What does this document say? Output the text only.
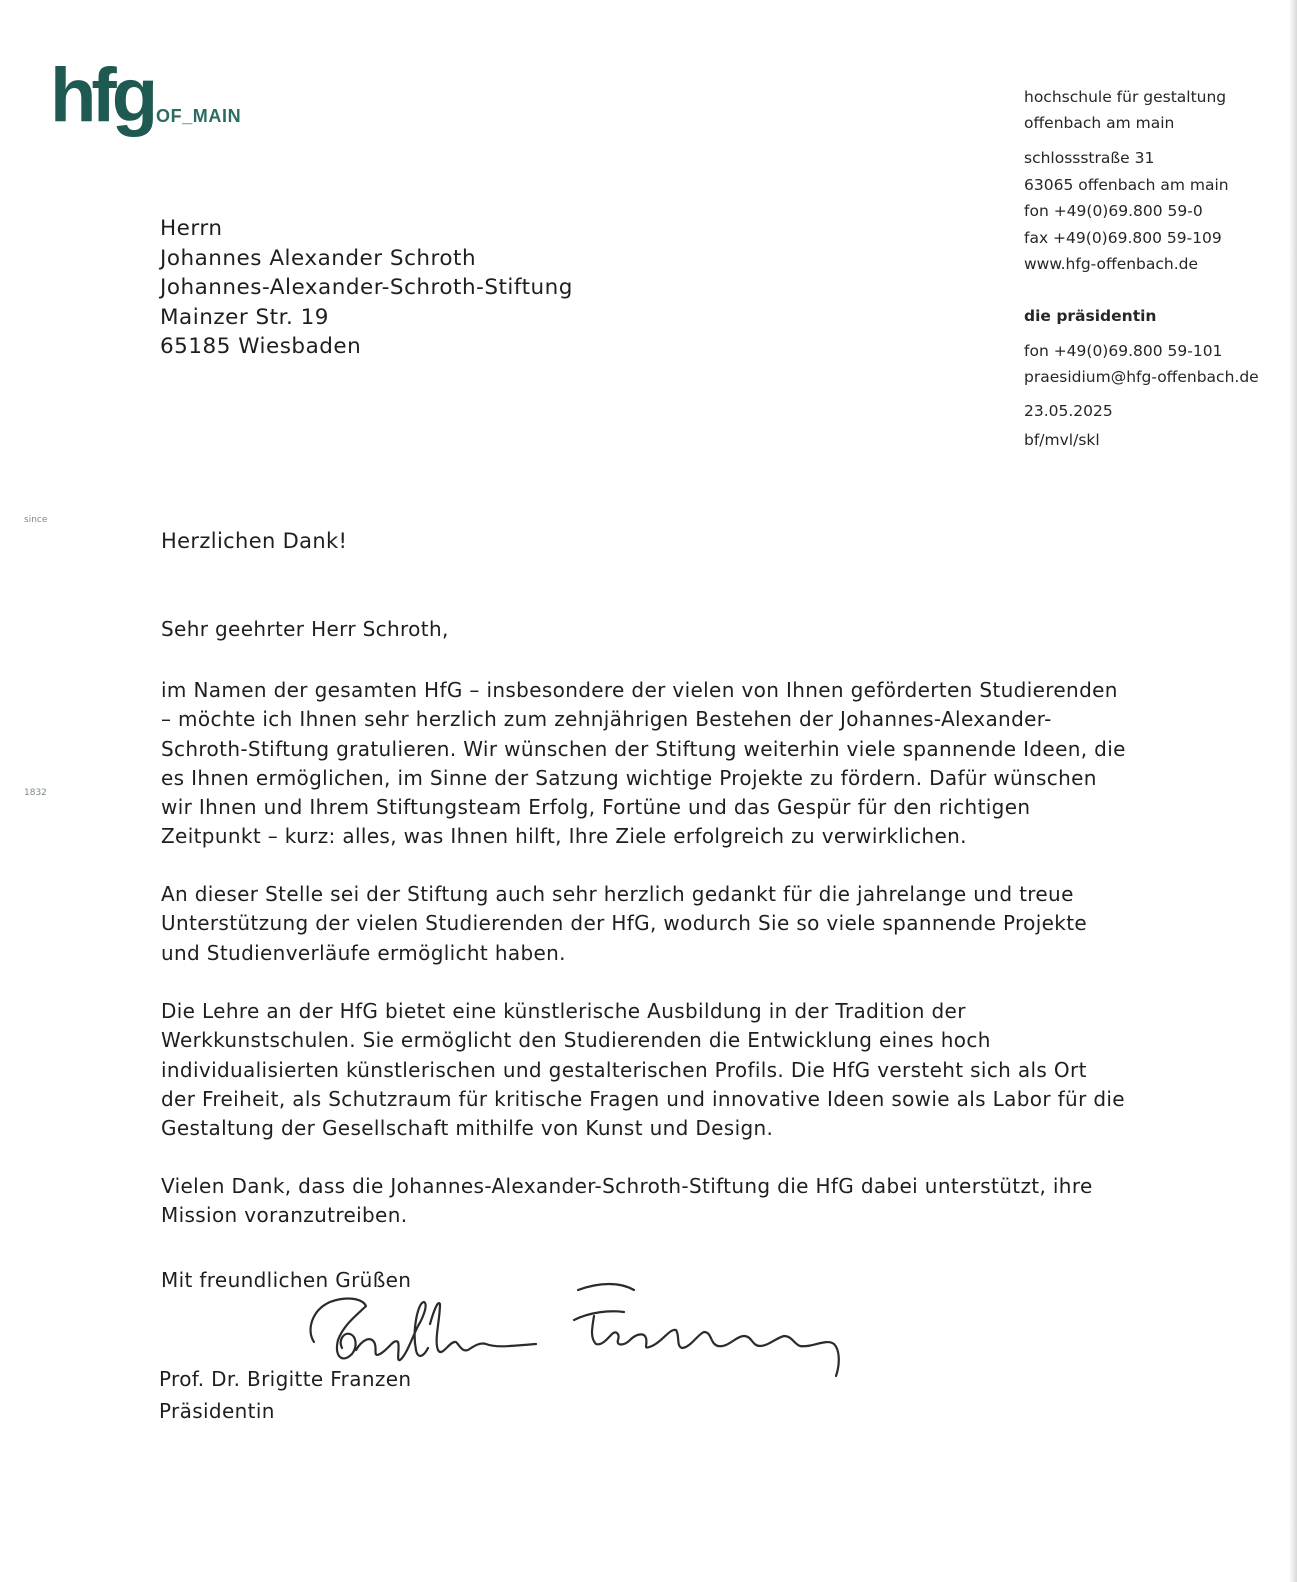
hfg OF_MAIN
hochschule für gestaltung
offenbach am main
schlossstraße 31
63065 offenbach am main
fon +49(0)69.800 59-0
fax +49(0)69.800 59-109
www.hfg-offenbach.de
die präsidentin
fon +49(0)69.800 59-101
praesidium@hfg-offenbach.de
23.05.2025
bf/mvl/skl
Herrn
Johannes Alexander Schroth
Johannes-Alexander-Schroth-Stiftung
Mainzer Str. 19
65185 Wiesbaden
since
1832
Herzlichen Dank!
Sehr geehrter Herr Schroth,
im Namen der gesamten HfG – insbesondere der vielen von Ihnen geförderten Studierenden
– möchte ich Ihnen sehr herzlich zum zehnjährigen Bestehen der Johannes-Alexander-
Schroth-Stiftung gratulieren. Wir wünschen der Stiftung weiterhin viele spannende Ideen, die
es Ihnen ermöglichen, im Sinne der Satzung wichtige Projekte zu fördern. Dafür wünschen
wir Ihnen und Ihrem Stiftungsteam Erfolg, Fortüne und das Gespür für den richtigen
Zeitpunkt – kurz: alles, was Ihnen hilft, Ihre Ziele erfolgreich zu verwirklichen.
An dieser Stelle sei der Stiftung auch sehr herzlich gedankt für die jahrelange und treue
Unterstützung der vielen Studierenden der HfG, wodurch Sie so viele spannende Projekte
und Studienverläufe ermöglicht haben.
Die Lehre an der HfG bietet eine künstlerische Ausbildung in der Tradition der
Werkkunstschulen. Sie ermöglicht den Studierenden die Entwicklung eines hoch
individualisierten künstlerischen und gestalterischen Profils. Die HfG versteht sich als Ort
der Freiheit, als Schutzraum für kritische Fragen und innovative Ideen sowie als Labor für die
Gestaltung der Gesellschaft mithilfe von Kunst und Design.
Vielen Dank, dass die Johannes-Alexander-Schroth-Stiftung die HfG dabei unterstützt, ihre
Mission voranzutreiben.
Mit freundlichen Grüßen
Prof. Dr. Brigitte Franzen
Präsidentin
